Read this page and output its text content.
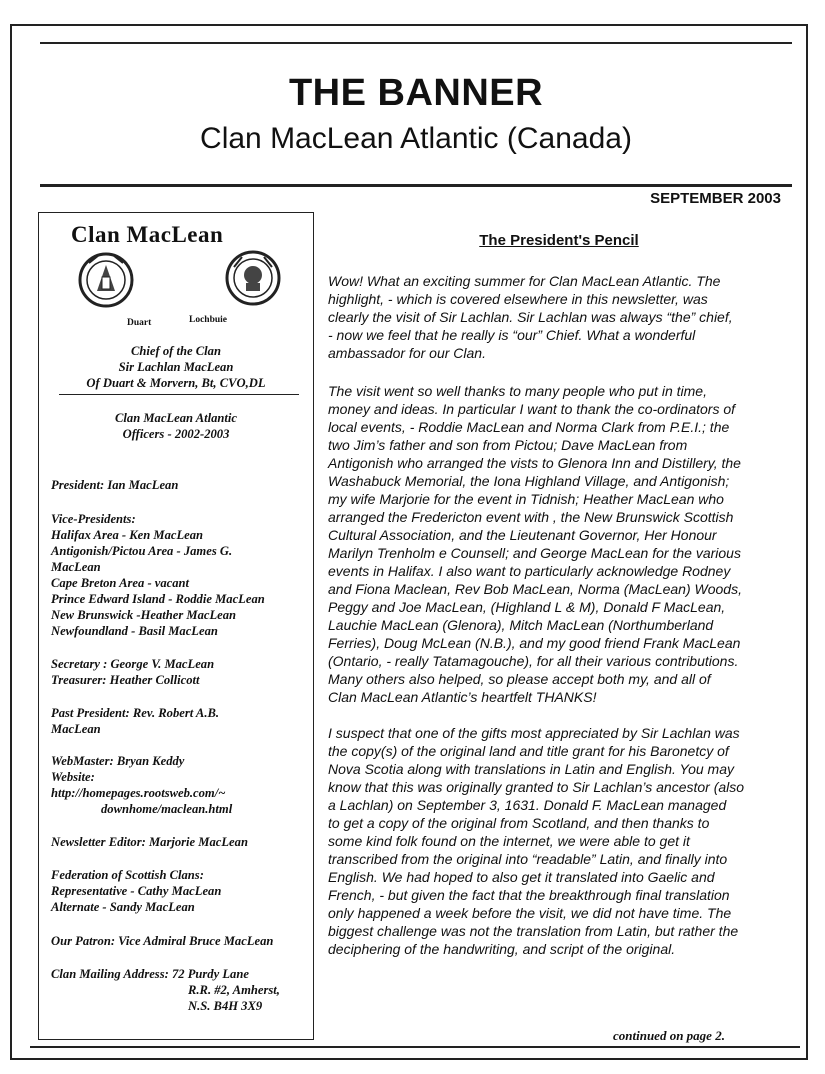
THE BANNER
Clan MacLean Atlantic (Canada)
SEPTEMBER 2003
Clan MacLean
Duart	Lochbuie
Chief of the Clan
Sir Lachlan MacLean
Of Duart & Morvern, Bt, CVO,DL
Clan MacLean Atlantic
Officers - 2002-2003
President: Ian MacLean
Vice-Presidents:
Halifax Area - Ken MacLean
Antigonish/Pictou Area - James G.
MacLean
Cape Breton Area - vacant
Prince Edward Island - Roddie MacLean
New Brunswick -Heather MacLean
Newfoundland - Basil MacLean
Secretary : George V. MacLean
Treasurer: Heather Collicott
Past President: Rev. Robert A.B.
MacLean
WebMaster: Bryan Keddy
Website:
http://homepages.rootsweb.com/~
downhome/maclean.html
Newsletter Editor: Marjorie MacLean
Federation of Scottish Clans:
Representative - Cathy MacLean
Alternate - Sandy MacLean
Our Patron: Vice Admiral Bruce MacLean
Clan Mailing Address: 72 Purdy Lane
R.R. #2, Amherst,
N.S. B4H 3X9
The President's Pencil
Wow! What an exciting summer for Clan MacLean Atlantic. The
highlight, - which is covered elsewhere in this newsletter, was
clearly the visit of Sir Lachlan. Sir Lachlan was always “the” chief,
- now we feel that he really is “our” Chief. What a wonderful
ambassador for our Clan.
The visit went so well thanks to many people who put in time,
money and ideas. In particular I want to thank the co-ordinators of
local events, - Roddie MacLean and Norma Clark from P.E.I.; the
two Jim’s father and son from Pictou; Dave MacLean from
Antigonish who arranged the vists to Glenora Inn and Distillery, the
Washabuck Memorial, the Iona Highland Village, and Antigonish;
my wife Marjorie for the event in Tidnish; Heather MacLean who
arranged the Fredericton event with , the New Brunswick Scottish
Cultural Association, and the Lieutenant Governor, Her Honour
Marilyn Trenholm e Counsell; and George MacLean for the various
events in Halifax. I also want to particularly acknowledge Rodney
and Fiona Maclean, Rev Bob MacLean, Norma (MacLean) Woods,
Peggy and Joe MacLean, (Highland L & M), Donald F MacLean,
Lauchie MacLean (Glenora), Mitch MacLean (Northumberland
Ferries), Doug McLean (N.B.), and my good friend Frank MacLean
(Ontario, - really Tatamagouche), for all their various contributions.
Many others also helped, so please accept both my, and all of
Clan MacLean Atlantic’s heartfelt THANKS!
I suspect that one of the gifts most appreciated by Sir Lachlan was
the copy(s) of the original land and title grant for his Baronetcy of
Nova Scotia along with translations in Latin and English. You may
know that this was originally granted to Sir Lachlan’s ancestor (also
a Lachlan) on September 3, 1631. Donald F. MacLean managed
to get a copy of the original from Scotland, and then thanks to
some kind folk found on the internet, we were able to get it
transcribed from the original into “readable” Latin, and finally into
English. We had hoped to also get it translated into Gaelic and
French, - but given the fact that the breakthrough final translation
only happened a week before the visit, we did not have time. The
biggest challenge was not the translation from Latin, but rather the
deciphering of the handwriting, and script of the original.
continued on page 2.
